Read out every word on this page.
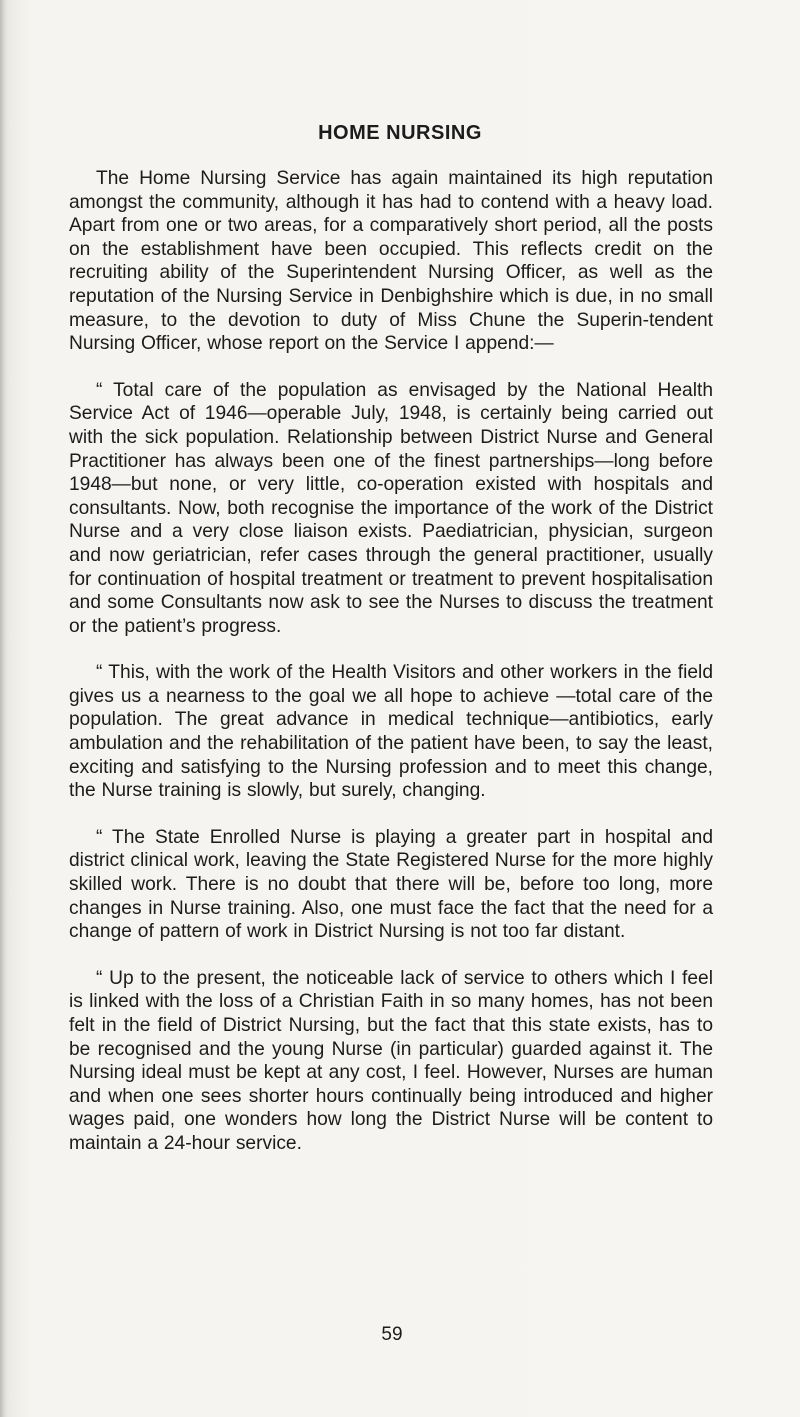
HOME NURSING

The Home Nursing Service has again maintained its high reputation amongst the community, although it has had to contend with a heavy load. Apart from one or two areas, for a comparatively short period, all the posts on the establishment have been occupied. This reflects credit on the recruiting ability of the Superintendent Nursing Officer, as well as the reputation of the Nursing Service in Denbighshire which is due, in no small measure, to the devotion to duty of Miss Chune the Superin-tendent Nursing Officer, whose report on the Service I append:—

“ Total care of the population as envisaged by the National Health Service Act of 1946—operable July, 1948, is certainly being carried out with the sick population. Relationship between District Nurse and General Practitioner has always been one of the finest partnerships—long before 1948—but none, or very little, co-operation existed with hospitals and consultants. Now, both recognise the importance of the work of the District Nurse and a very close liaison exists. Paediatrician, physician, surgeon and now geriatrician, refer cases through the general practitioner, usually for continuation of hospital treatment or treatment to prevent hospitalisation and some Consultants now ask to see the Nurses to discuss the treatment or the patient’s progress.

“ This, with the work of the Health Visitors and other workers in the field gives us a nearness to the goal we all hope to achieve —total care of the population. The great advance in medical technique—antibiotics, early ambulation and the rehabilitation of the patient have been, to say the least, exciting and satisfying to the Nursing profession and to meet this change, the Nurse training is slowly, but surely, changing.

“ The State Enrolled Nurse is playing a greater part in hospital and district clinical work, leaving the State Registered Nurse for the more highly skilled work. There is no doubt that there will be, before too long, more changes in Nurse training. Also, one must face the fact that the need for a change of pattern of work in District Nursing is not too far distant.

“ Up to the present, the noticeable lack of service to others which I feel is linked with the loss of a Christian Faith in so many homes, has not been felt in the field of District Nursing, but the fact that this state exists, has to be recognised and the young Nurse (in particular) guarded against it. The Nursing ideal must be kept at any cost, I feel. However, Nurses are human and when one sees shorter hours continually being introduced and higher wages paid, one wonders how long the District Nurse will be content to maintain a 24-hour service.

59
